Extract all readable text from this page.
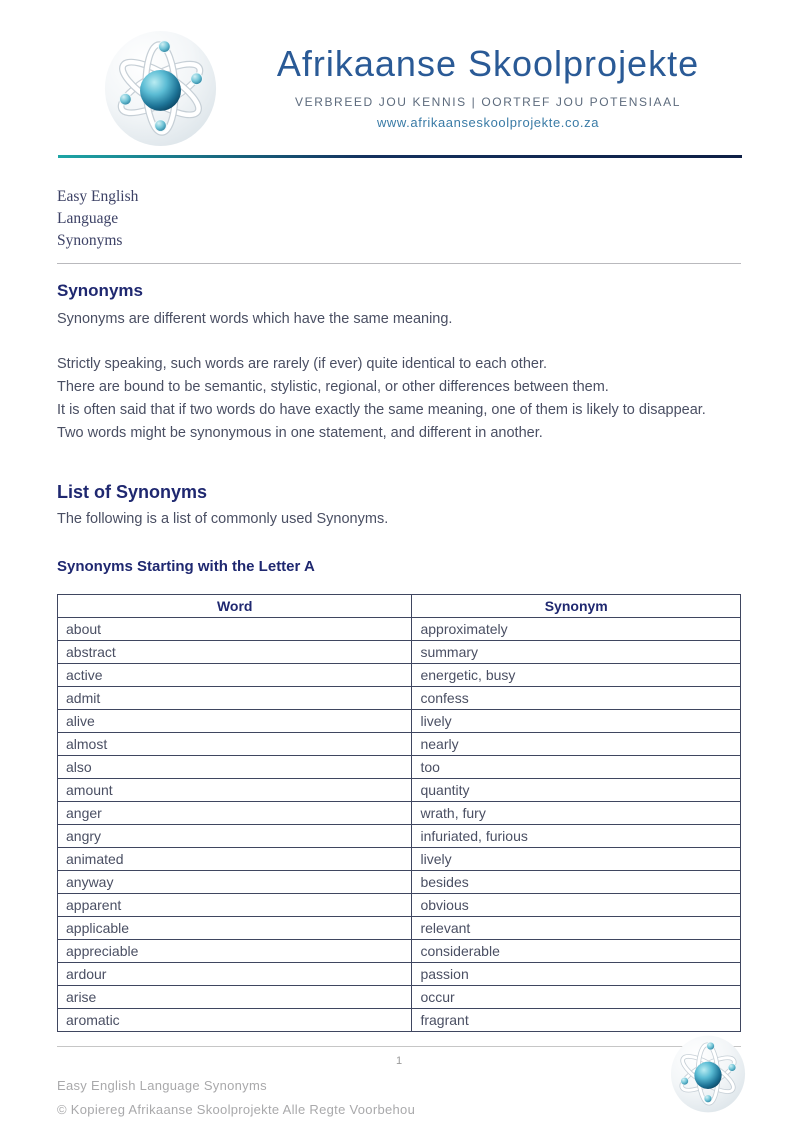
Afrikaanse Skoolprojekte
VERBREED JOU KENNIS | OORTREF JOU POTENSIAAL
www.afrikaanseskoolprojekte.co.za
Easy English
Language
Synonyms
Synonyms
Synonyms are different words which have the same meaning.
Strictly speaking, such words are rarely (if ever) quite identical to each other.
There are bound to be semantic, stylistic, regional, or other differences between them.
It is often said that if two words do have exactly the same meaning, one of them is likely to disappear.
Two words might be synonymous in one statement, and different in another.
List of Synonyms
The following is a list of commonly used Synonyms.
Synonyms Starting with the Letter A
Word	Synonym
about	approximately
abstract	summary
active	energetic, busy
admit	confess
alive	lively
almost	nearly
also	too
amount	quantity
anger	wrath, fury
angry	infuriated, furious
animated	lively
anyway	besides
apparent	obvious
applicable	relevant
appreciable	considerable
ardour	passion
arise	occur
aromatic	fragrant
1
Easy English Language Synonyms
© Kopiereg Afrikaanse Skoolprojekte Alle Regte Voorbehou
